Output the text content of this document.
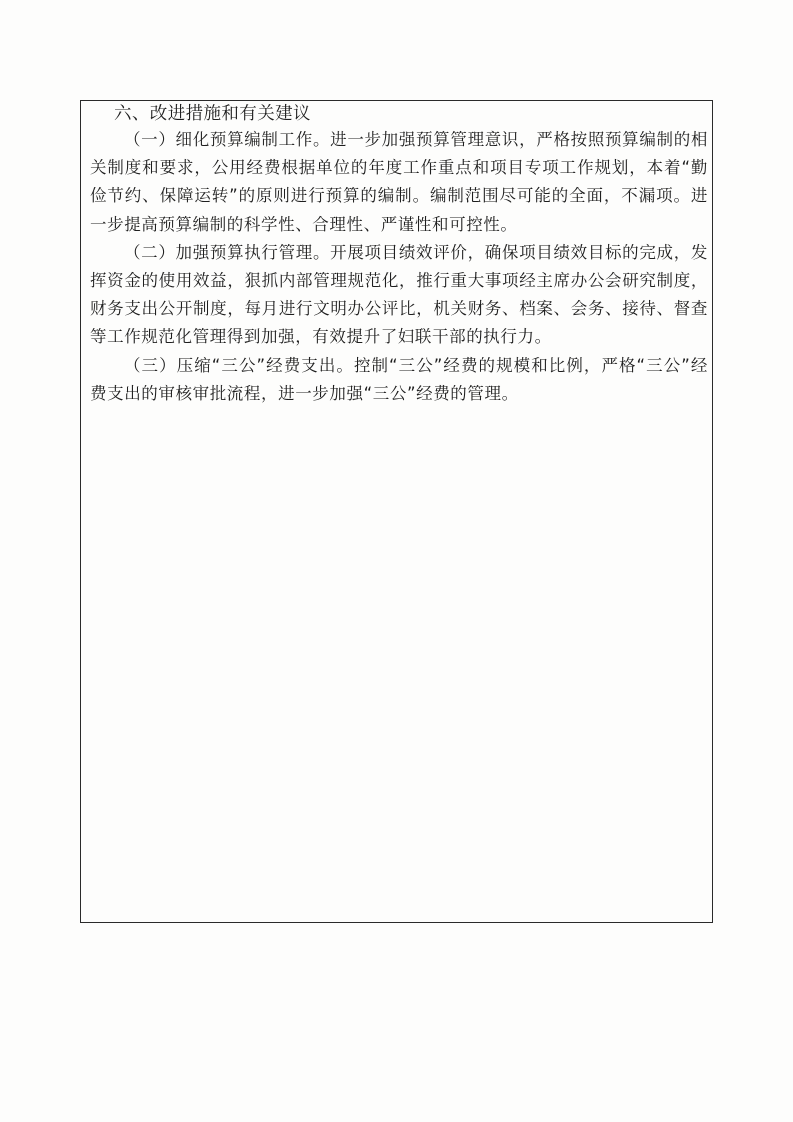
六、改进措施和有关建议

（一）细化预算编制工作。进一步加强预算管理意识，严格按照预算编制的相关制度和要求，公用经费根据单位的年度工作重点和项目专项工作规划，本着“勤俭节约、保障运转”的原则进行预算的编制。编制范围尽可能的全面，不漏项。进一步提高预算编制的科学性、合理性、严谨性和可控性。

（二）加强预算执行管理。开展项目绩效评价，确保项目绩效目标的完成，发挥资金的使用效益，狠抓内部管理规范化，推行重大事项经主席办公会研究制度，财务支出公开制度，每月进行文明办公评比，机关财务、档案、会务、接待、督查等工作规范化管理得到加强，有效提升了妇联干部的执行力。

（三）压缩“三公”经费支出。控制“三公”经费的规模和比例，严格“三公”经费支出的审核审批流程，进一步加强“三公”经费的管理。
